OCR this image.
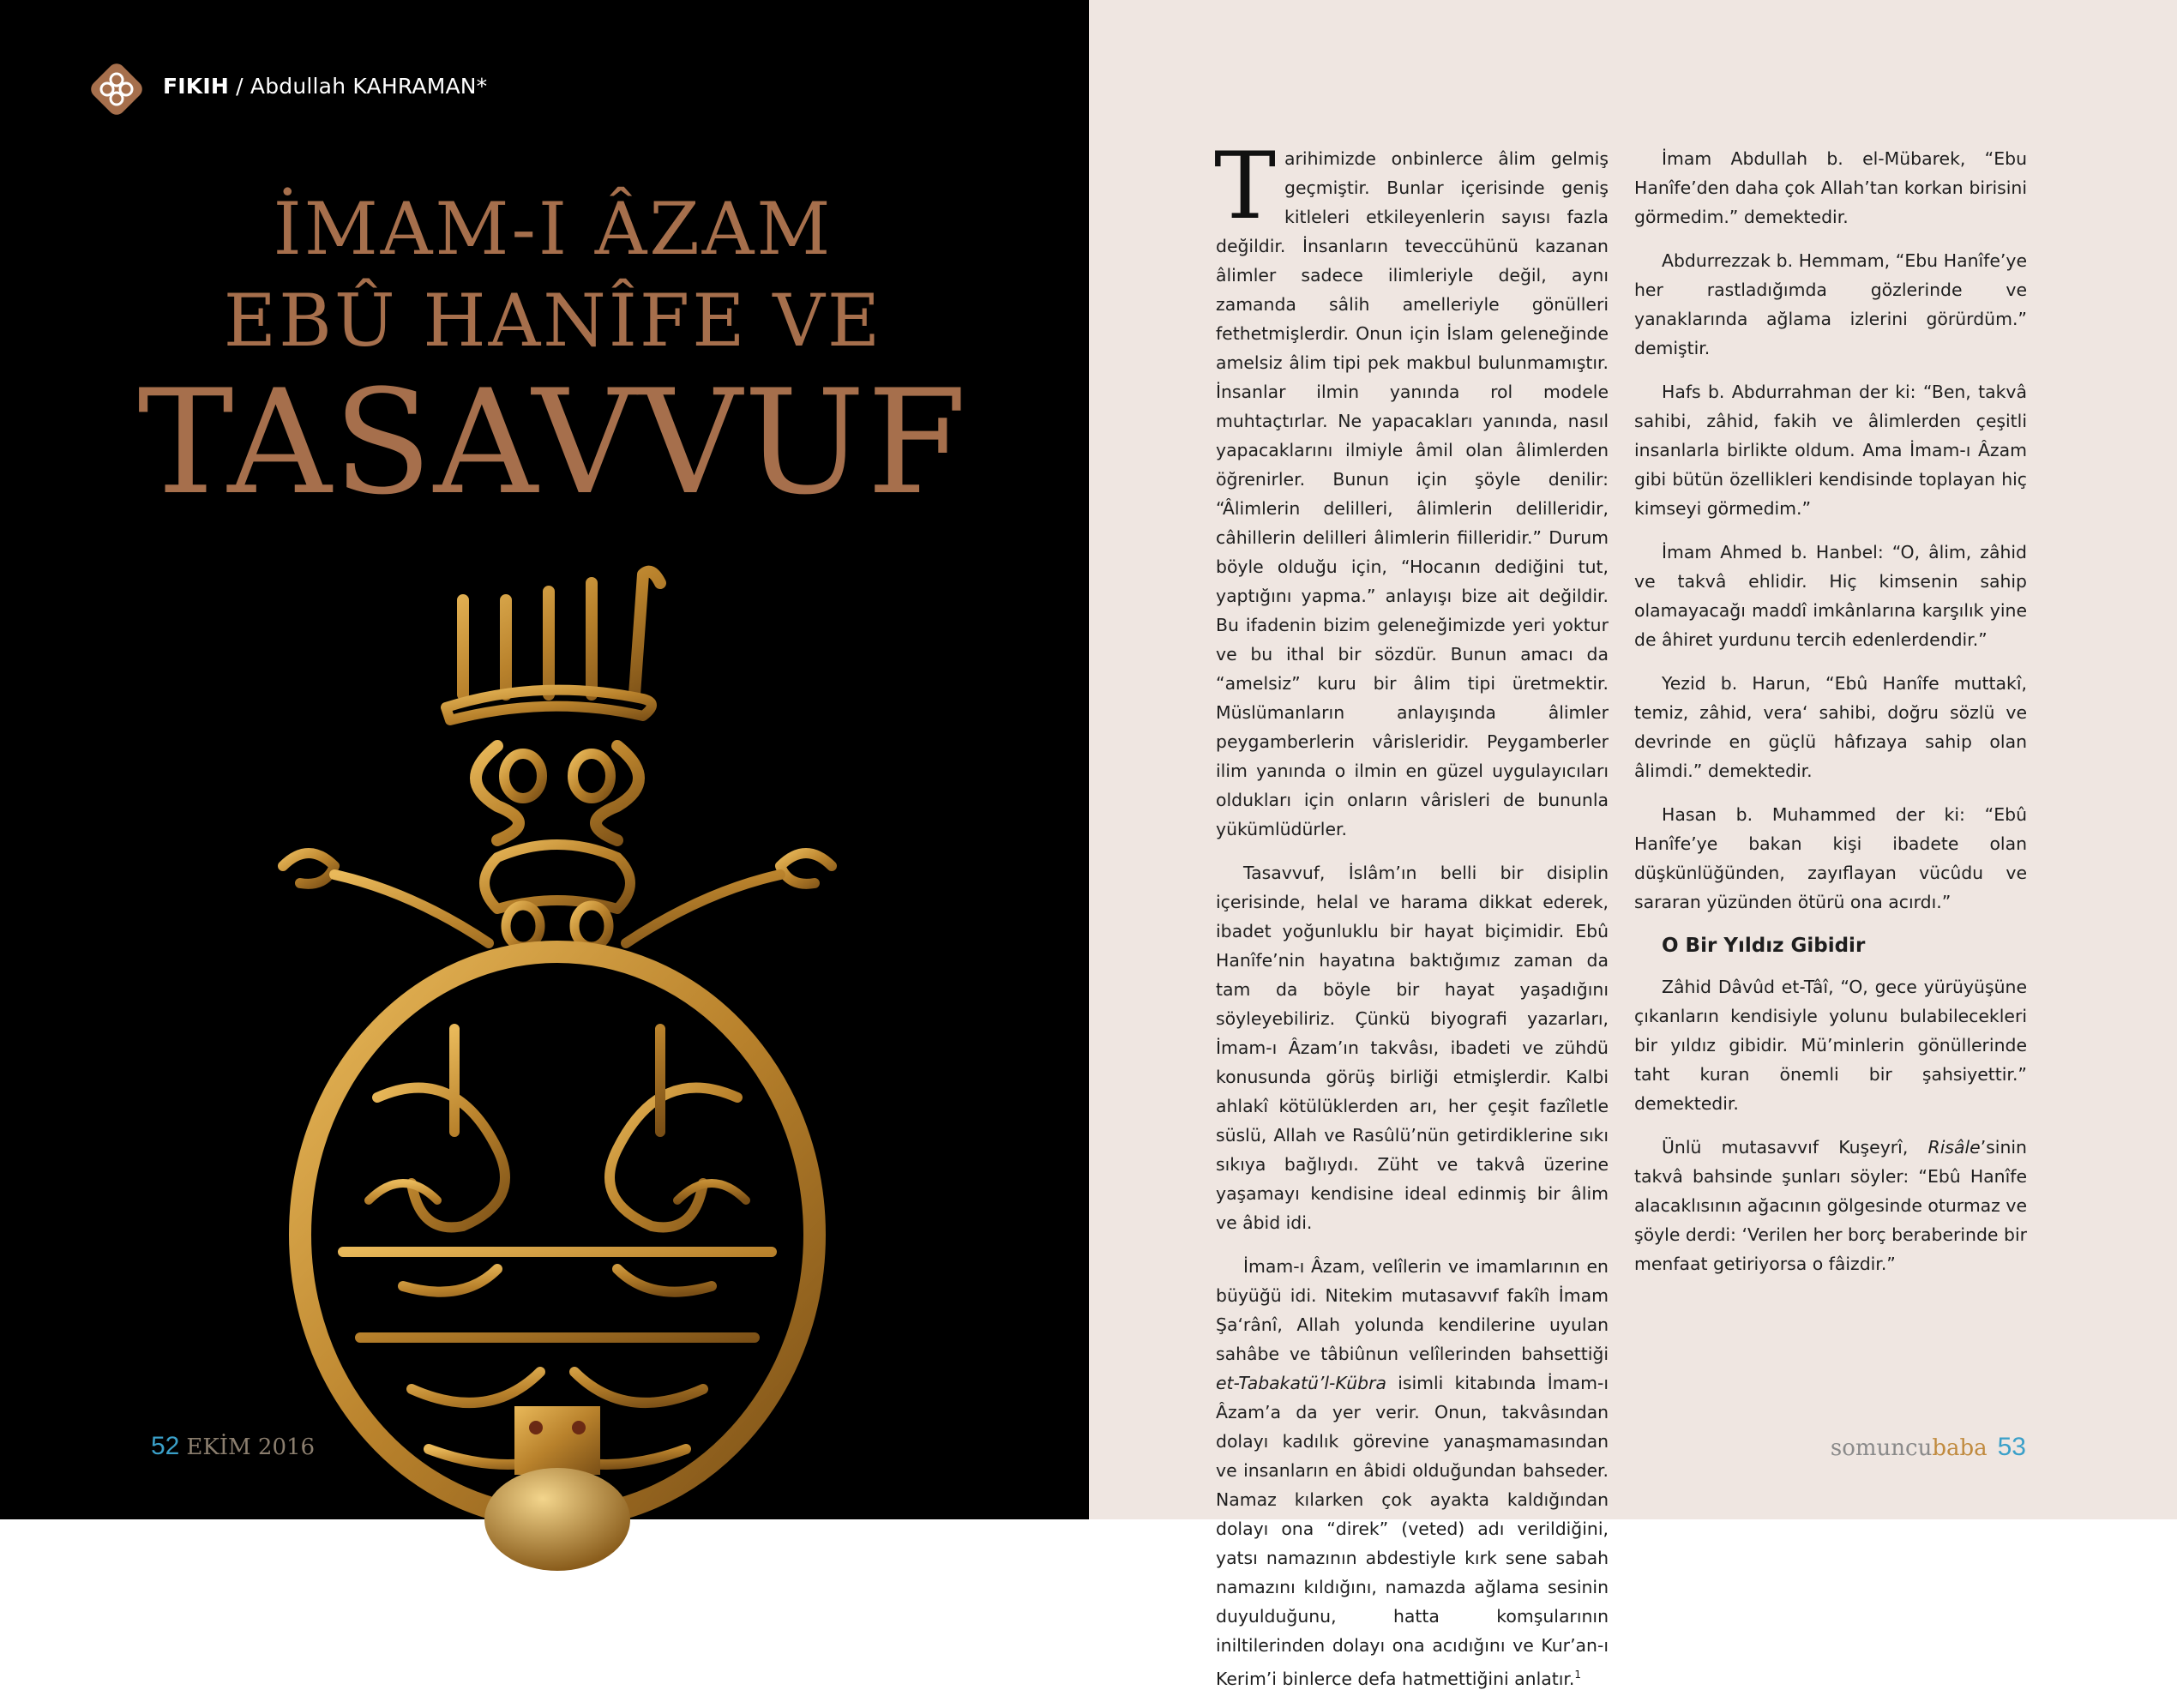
FIKIH / Abdullah KAHRAMAN*
İMAM-I ÂZAM
EBÛ HANÎFE VE
TASAVVUF
52 EKİM 2016

Tarihimizde onbinlerce âlim gelmiş geçmiştir. Bunlar içerisinde geniş kitleleri etkileyenlerin sayısı fazla değildir. İnsanların teveccühünü kazanan âlimler sadece ilimleriyle değil, aynı zamanda sâlih amelleriyle gönülleri fethetmişlerdir. Onun için İslam geleneğinde amelsiz âlim tipi pek makbul bulunmamıştır. İnsanlar ilmin yanında rol modele muhtaçtırlar. Ne yapacakları yanında, nasıl yapacaklarını ilmiyle âmil olan âlimlerden öğrenirler. Bunun için şöyle denilir: “Âlimlerin delilleri, âlimlerin delilleridir, câhillerin delilleri âlimlerin fiilleridir.” Durum böyle olduğu için, “Hocanın dediğini tut, yaptığını yapma.” anlayışı bize ait değildir. Bu ifadenin bizim geleneğimizde yeri yoktur ve bu ithal bir sözdür. Bunun amacı da “amelsiz” kuru bir âlim tipi üretmektir. Müslümanların anlayışında âlimler peygamberlerin vârisleridir. Peygamberler ilim yanında o ilmin en güzel uygulayıcıları oldukları için onların vârisleri de bununla yükümlüdürler.

Tasavvuf, İslâm’ın belli bir disiplin içerisinde, helal ve harama dikkat ederek, ibadet yoğunluklu bir hayat biçimidir. Ebû Hanîfe’nin hayatına baktığımız zaman da tam da böyle bir hayat yaşadığını söyleyebiliriz. Çünkü biyografi yazarları, İmam-ı Âzam’ın takvâsı, ibadeti ve zühdü konusunda görüş birliği etmişlerdir. Kalbi ahlakî kötülüklerden arı, her çeşit fazîletle süslü, Allah ve Rasûlü’nün getirdiklerine sıkı sıkıya bağlıydı. Züht ve takvâ üzerine yaşamayı kendisine ideal edinmiş bir âlim ve âbid idi.

İmam-ı Âzam, velîlerin ve imamlarının en büyüğü idi. Nitekim mutasavvıf fakîh İmam Şa‘rânî, Allah yolunda kendilerine uyulan sahâbe ve tâbiûnun velîlerinden bahsettiği et-Tabakatü’l-Kübra isimli kitabında İmam-ı Âzam’a da yer verir. Onun, takvâsından dolayı kadılık görevine yanaşmamasından ve insanların en âbidi olduğundan bahseder. Namaz kılarken çok ayakta kaldığından dolayı ona “direk” (veted) adı verildiğini, yatsı namazının abdestiyle kırk sene sabah namazını kıldığını, namazda ağlama sesinin duyulduğunu, hatta komşularının iniltilerinden dolayı ona acıdığını ve Kur’an-ı Kerim’i binlerce defa hatmettiğini anlatır.$^1$

İmam Abdullah b. el-Mübarek, “Ebu Hanîfe’den daha çok Allah’tan korkan birisini görmedim.” demektedir.

Abdurrezzak b. Hemmam, “Ebu Hanîfe’ye her rastladığımda gözlerinde ve yanaklarında ağlama izlerini görürdüm.” demiştir.

Hafs b. Abdurrahman der ki: “Ben, takvâ sahibi, zâhid, fakih ve âlimlerden çeşitli insanlarla birlikte oldum. Ama İmam-ı Âzam gibi bütün özellikleri kendisinde toplayan hiç kimseyi görmedim.”

İmam Ahmed b. Hanbel: “O, âlim, zâhid ve takvâ ehlidir. Hiç kimsenin sahip olamayacağı maddî imkânlarına karşılık yine de âhiret yurdunu tercih edenlerdendir.”

Yezid b. Harun, “Ebû Hanîfe muttakî, temiz, zâhid, vera‘ sahibi, doğru sözlü ve devrinde en güçlü hâfızaya sahip olan âlimdi.” demektedir.

Hasan b. Muhammed der ki: “Ebû Hanîfe’ye bakan kişi ibadete olan düşkünlüğünden, zayıflayan vücûdu ve sararan yüzünden ötürü ona acırdı.”

O Bir Yıldız Gibidir

Zâhid Dâvûd et-Tâî, “O, gece yürüyüşüne çıkanların kendisiyle yolunu bulabilecekleri bir yıldız gibidir. Mü’minlerin gönüllerinde taht kuran önemli bir şahsiyettir.” demektedir.

Ünlü mutasavvıf Kuşeyrî, Risâle’sinin takvâ bahsinde şunları söyler: “Ebû Hanîfe alacaklısının ağacının gölgesinde oturmaz ve şöyle derdi: ‘Verilen her borç beraberinde bir menfaat getiriyorsa o fâizdir.”

somuncubaba 53
